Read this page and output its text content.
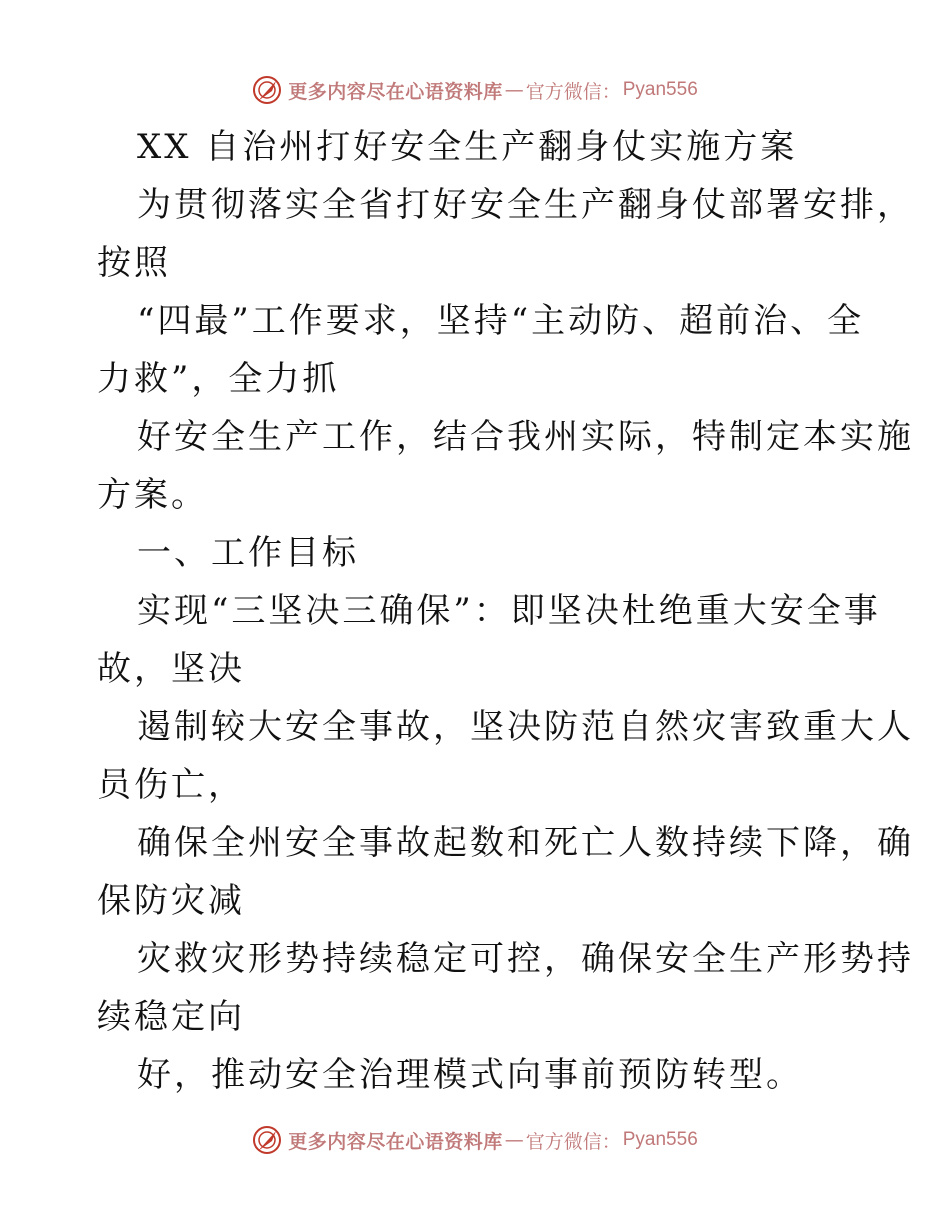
更多内容尽在心语资料库 — 官方微信： Pyan556
XX 自治州打好安全生产翻身仗实施方案
为贯彻落实全省打好安全生产翻身仗部署安排，
按照
“四最”工作要求，坚持“主动防、超前治、全
力救”，全力抓
好安全生产工作，结合我州实际，特制定本实施
方案。
一、工作目标
实现“三坚决三确保”：即坚决杜绝重大安全事
故，坚决
遏制较大安全事故，坚决防范自然灾害致重大人
员伤亡，
确保全州安全事故起数和死亡人数持续下降，确
保防灾减
灾救灾形势持续稳定可控，确保安全生产形势持
续稳定向
好，推动安全治理模式向事前预防转型。
更多内容尽在心语资料库 — 官方微信： Pyan556
